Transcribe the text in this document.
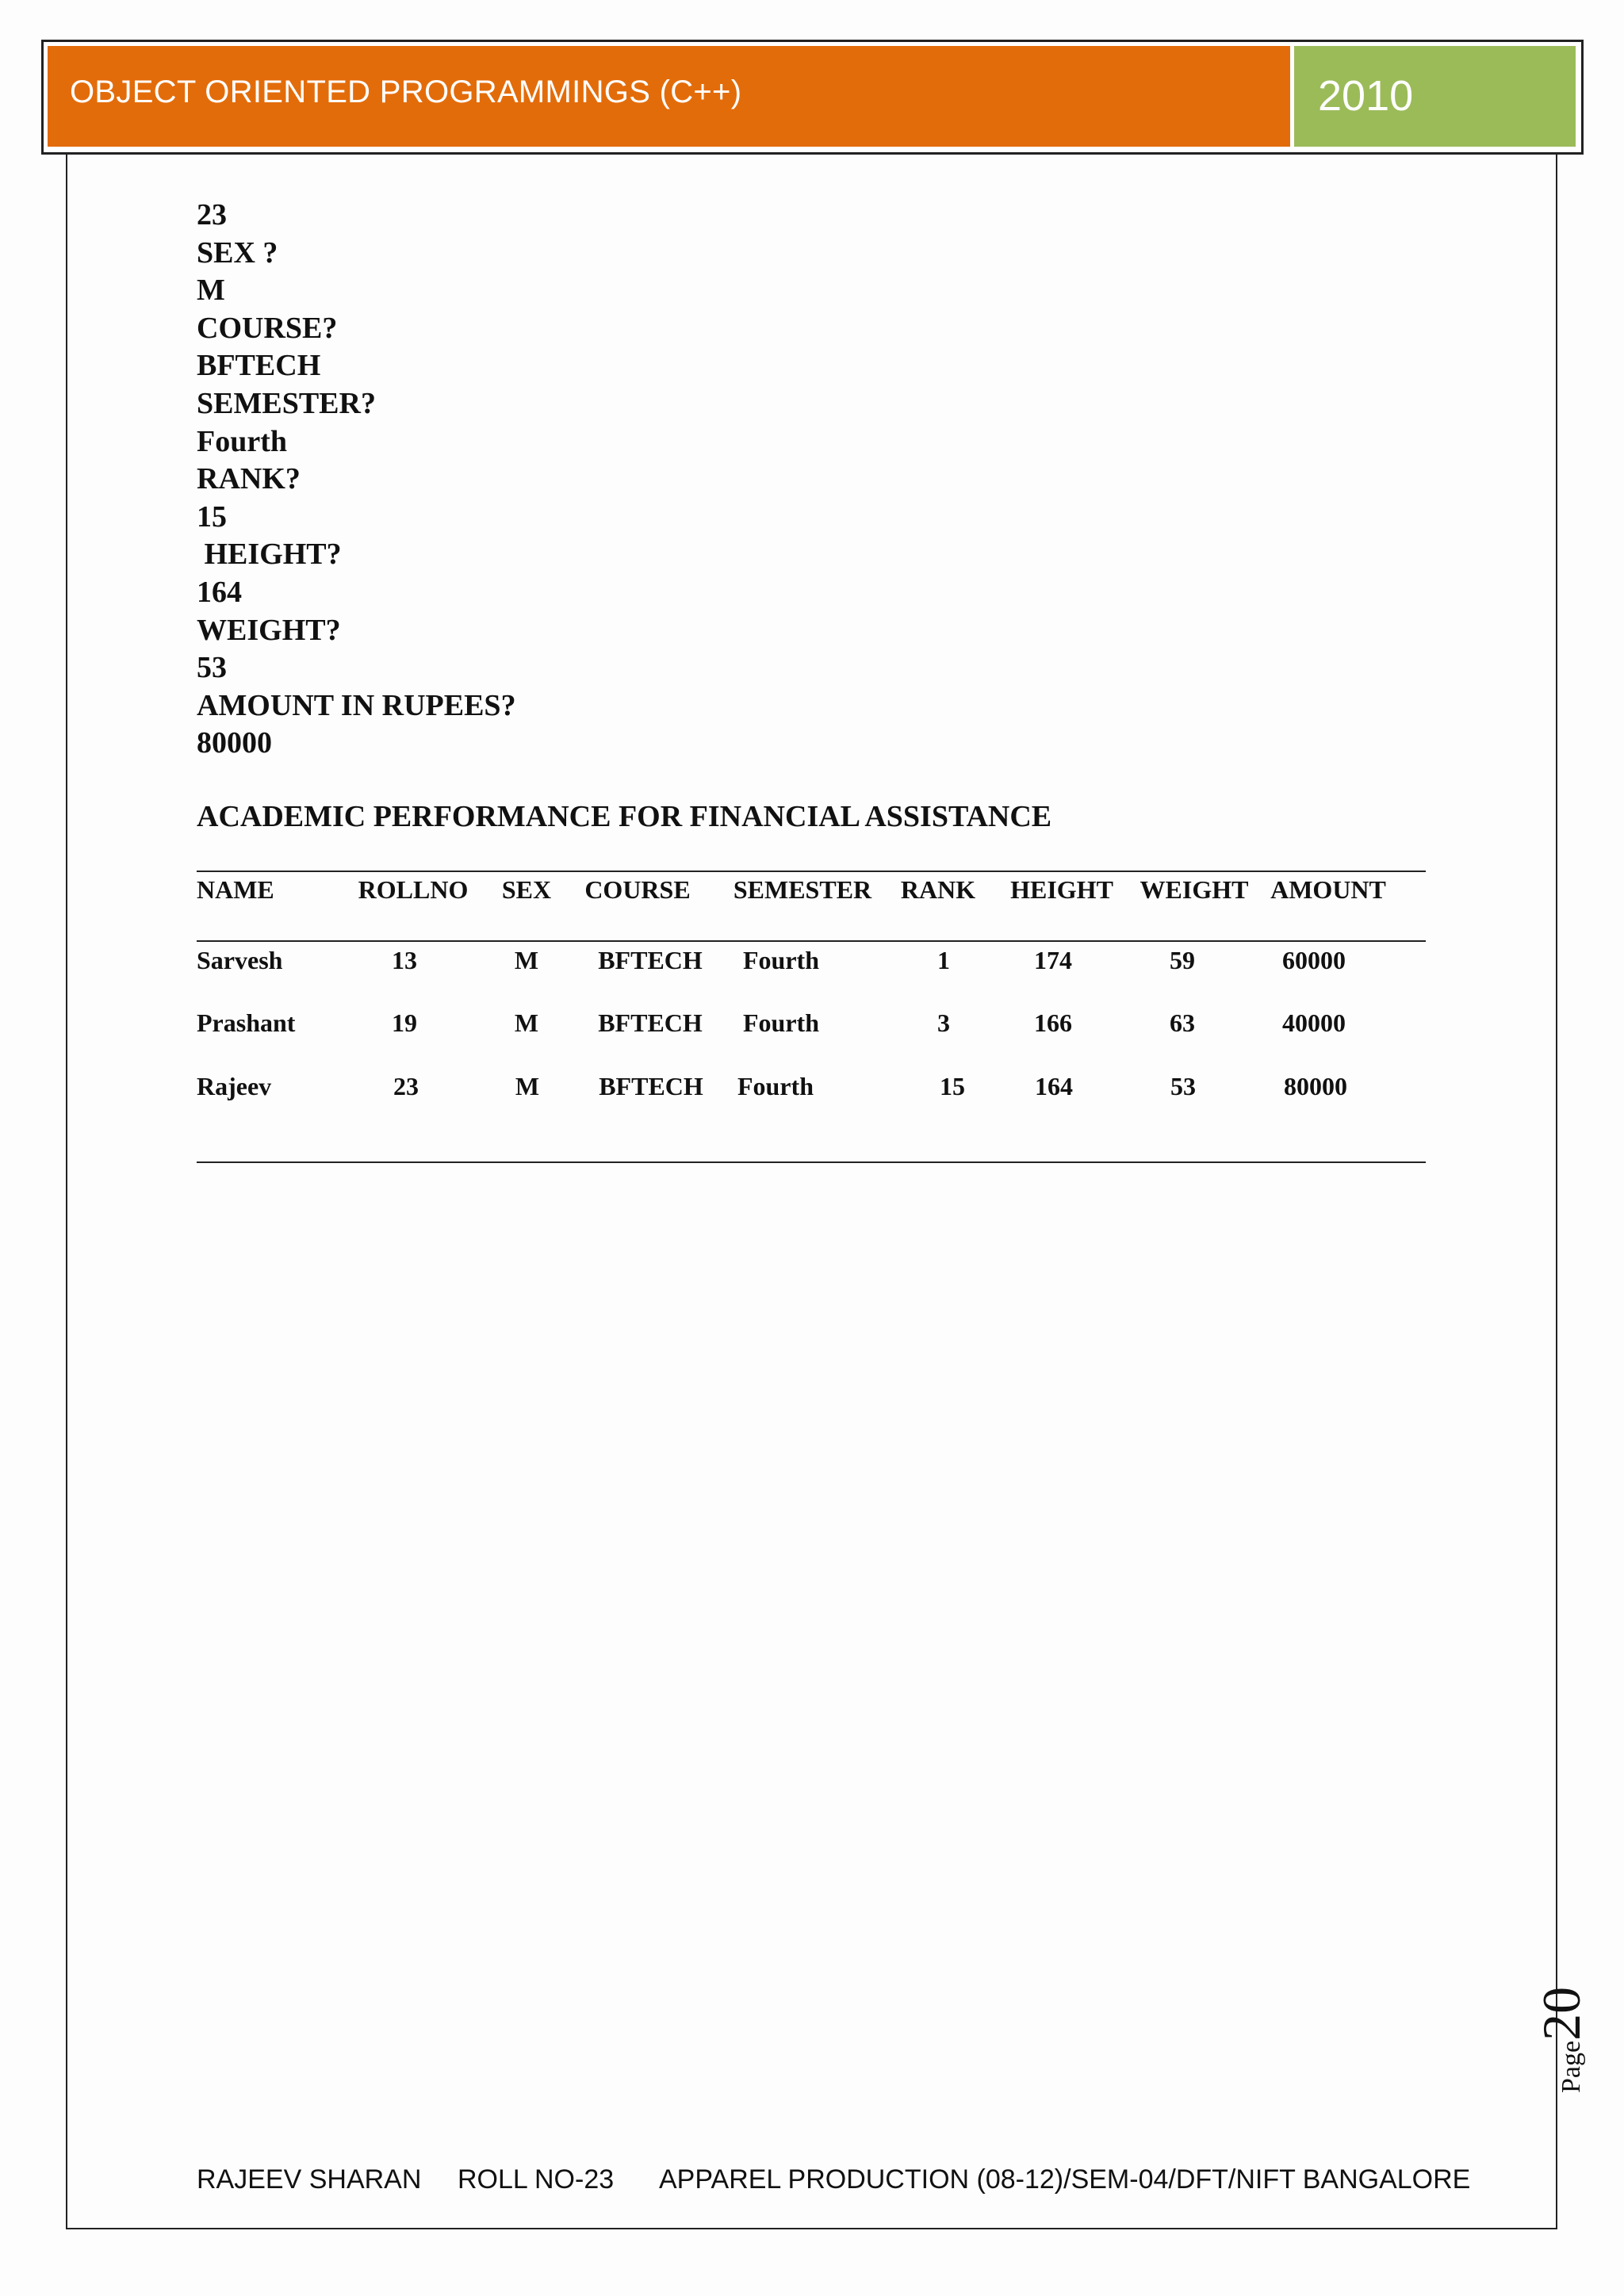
OBJECT ORIENTED PROGRAMMINGS (C++)	2010
23
SEX ?
M
COURSE?
BFTECH
SEMESTER?
Fourth
RANK?
15
HEIGHT?
164
WEIGHT?
53
AMOUNT IN RUPEES?
80000
ACADEMIC PERFORMANCE FOR FINANCIAL ASSISTANCE
NAME	ROLLNO SEX COURSE SEMESTER RANK HEIGHT WEIGHT AMOUNT
Sarvesh	13	M BFTECH Fourth	1	174	59	60000
Prashant	19	M BFTECH Fourth	3	166	63	40000
Rajeev	23	M BFTECH Fourth	15	164	53	80000
Page20
RAJEEV SHARAN ROLL NO-23 APPAREL PRODUCTION (08-12)/SEM-04/DFT/NIFT BANGALORE
